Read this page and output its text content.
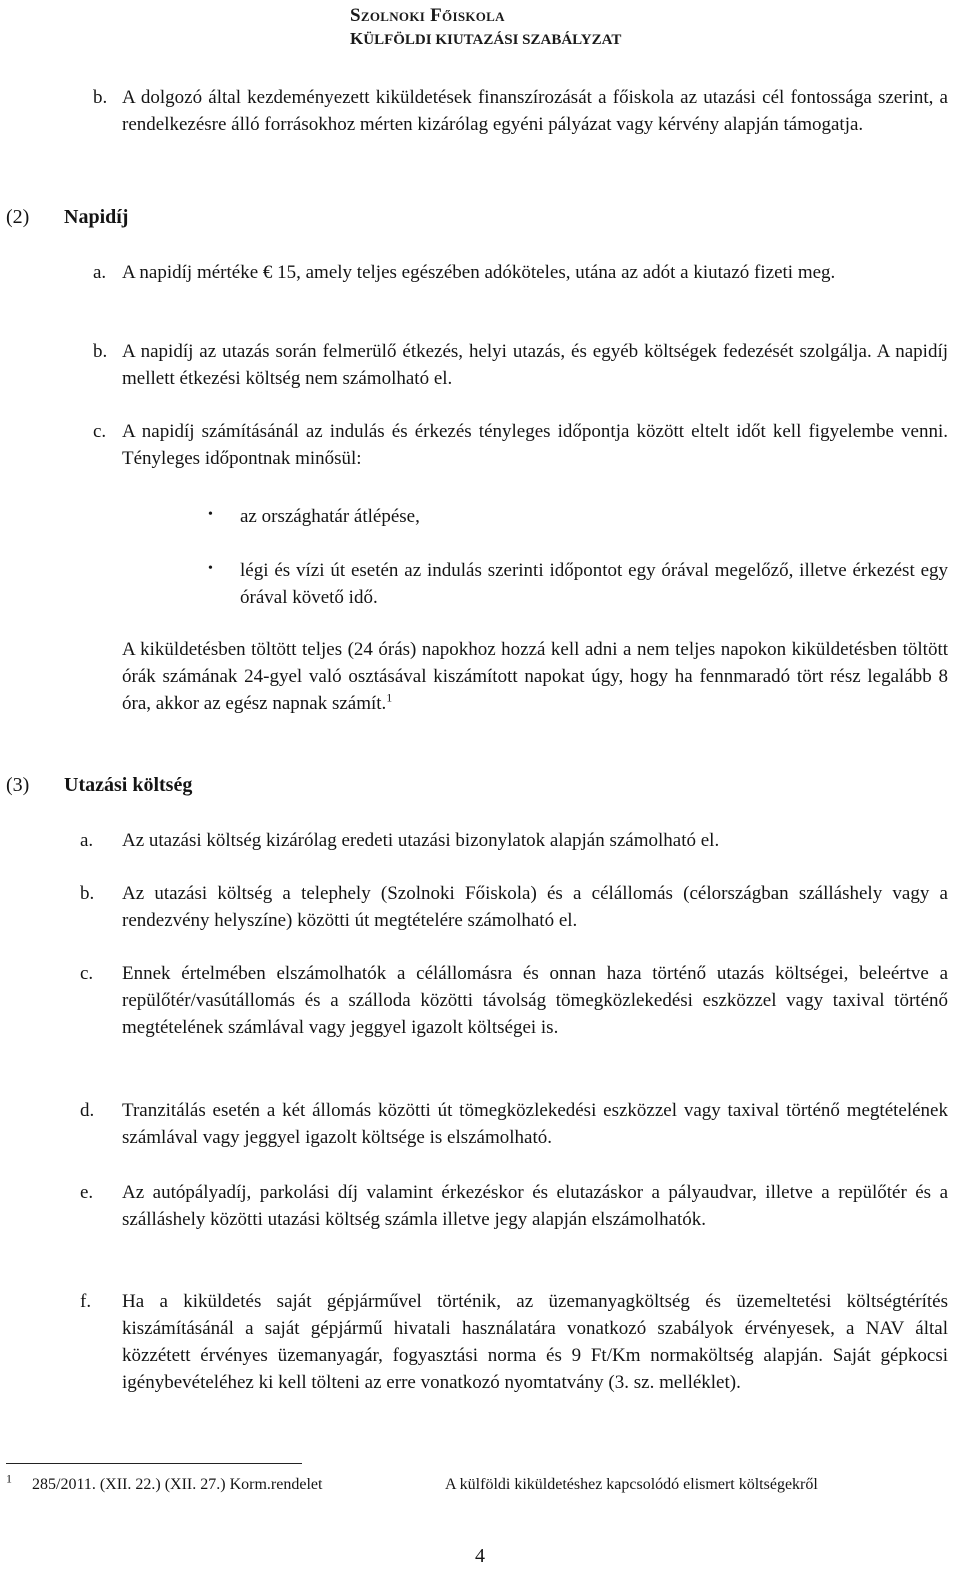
Szolnoki Főiskola
KÜLFÖLDI KIUTAZÁSI SZABÁLYZAT
b. A dolgozó által kezdeményezett kiküldetések finanszírozását a főiskola az utazási cél fontossága szerint, a rendelkezésre álló forrásokhoz mérten kizárólag egyéni pályázat vagy kérvény alapján támogatja.
(2) Napidíj
a. A napidíj mértéke € 15, amely teljes egészében adóköteles, utána az adót a kiutazó fizeti meg.
b. A napidíj az utazás során felmerülő étkezés, helyi utazás, és egyéb költségek fedezését szolgálja. A napidíj mellett étkezési költség nem számolható el.
c. A napidíj számításánál az indulás és érkezés tényleges időpontja között eltelt időt kell figyelembe venni. Tényleges időpontnak minősül:
• az országhatár átlépése,
• légi és vízi út esetén az indulás szerinti időpontot egy órával megelőző, illetve érkezést egy órával követő idő.
A kiküldetésben töltött teljes (24 órás) napokhoz hozzá kell adni a nem teljes napokon kiküldetésben töltött órák számának 24-gyel való osztásával kiszámított napokat úgy, hogy ha fennmaradó tört rész legalább 8 óra, akkor az egész napnak számít.$^1$
(3) Utazási költség
a. Az utazási költség kizárólag eredeti utazási bizonylatok alapján számolható el.
b. Az utazási költség a telephely (Szolnoki Főiskola) és a célállomás (célországban szálláshely vagy a rendezvény helyszíne) közötti út megtételére számolható el.
c. Ennek értelmében elszámolhatók a célállomásra és onnan haza történő utazás költségei, beleértve a repülőtér/vasútállomás és a szálloda közötti távolság tömegközlekedési eszközzel vagy taxival történő megtételének számlával vagy jeggyel igazolt költségei is.
d. Tranzitálás esetén a két állomás közötti út tömegközlekedési eszközzel vagy taxival történő megtételének számlával vagy jeggyel igazolt költsége is elszámolható.
e. Az autópályadíj, parkolási díj valamint érkezéskor és elutazáskor a pályaudvar, illetve a repülőtér és a szálláshely közötti utazási költség számla illetve jegy alapján elszámolhatók.
f. Ha a kiküldetés saját gépjárművel történik, az üzemanyagköltség és üzemeltetési költségtérítés kiszámításánál a saját gépjármű hivatali használatára vonatkozó szabályok érvényesek, a NAV által közzétett érvényes üzemanyagár, fogyasztási norma és 9 Ft/Km normaköltség alapján. Saját gépkocsi igénybevételéhez ki kell tölteni az erre vonatkozó nyomtatvány (3. sz. melléklet).
$^1$ 285/2011. (XII. 22.) (XII. 27.) Korm.rendelet	A külföldi kiküldetéshez kapcsolódó elismert költségekről
4
